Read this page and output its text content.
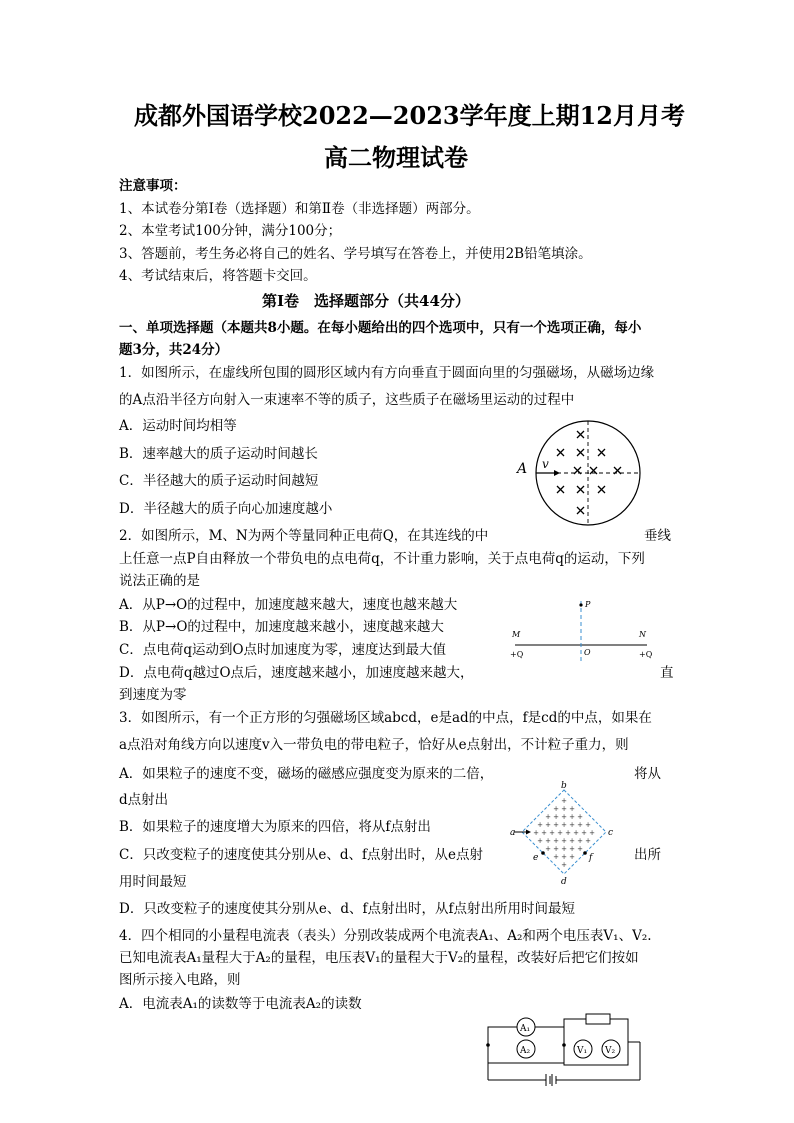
成都外国语学校2022—2023学年度上期12月月考
高二物理试卷
注意事项：
1、本试卷分第Ⅰ卷（选择题）和第Ⅱ卷（非选择题）两部分。
2、本堂考试100分钟，满分100分；
3、答题前，考生务必将自己的姓名、学号填写在答卷上，并使用2B铅笔填涂。
4、考试结束后，将答题卡交回。
第Ⅰ卷　选择题部分（共44分）
一、单项选择题（本题共8小题。在每小题给出的四个选项中，只有一个选项正确，每小
题3分，共24分）
1．如图所示，在虚线所包围的圆形区域内有方向垂直于圆面向里的匀强磁场，从磁场边缘
的A点沿半径方向射入一束速率不等的质子，这些质子在磁场里运动的过程中
A．运动时间均相等
B．速率越大的质子运动时间越长
C．半径越大的质子运动时间越短
D．半径越大的质子向心加速度越小
A v
2．如图所示，M、N为两个等量同种正电荷Q，在其连线的中	垂线
上任意一点P自由释放一个带负电的点电荷q，不计重力影响，关于点电荷q的运动，下列
说法正确的是
A．从P→O的过程中，加速度越来越大，速度也越来越大
B．从P→O的过程中，加速度越来越小，速度越来越大
C．点电荷q运动到O点时加速度为零，速度达到最大值
D．点电荷q越过O点后，速度越来越小，加速度越来越大，	直
到速度为零
P
M	N
+Q	+Q
O
3．如图所示，有一个正方形的匀强磁场区域abcd，e是ad的中点，f是cd的中点，如果在
a点沿对角线方向以速度v入一带负电的带电粒子，恰好从e点射出，不计粒子重力，则
A．如果粒子的速度不变，磁场的磁感应强度变为原来的二倍，	将从
d点射出
B．如果粒子的速度增大为原来的四倍，将从f点射出
C．只改变粒子的速度使其分别从e、d、f点射出时，从e点射	出所
用时间最短
D．只改变粒子的速度使其分别从e、d、f点射出时，从f点射出所用时间最短
+
+ + +
+ + + + +
+ + + + + + +
+ + + + + + + +
+ + + + + + +
+ + + + +
+ + +
+
b
a	c
d
e	f
4．四个相同的小量程电流表（表头）分别改装成两个电流表A₁、A₂和两个电压表V₁、V₂.
已知电流表A₁量程大于A₂的量程，电压表V₁的量程大于V₂的量程，改装好后把它们按如
图所示接入电路，则
A．电流表A₁的读数等于电流表A₂的读数
A₁
A₂	V₁ V₂
